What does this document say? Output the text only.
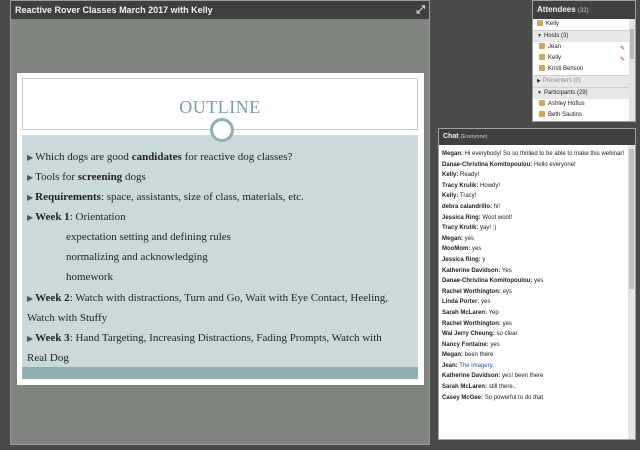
Reactive Rover Classes March 2017 with Kelly	⤢
OUTLINE
▶ Which dogs are good candidates for reactive dog classes?
▶ Tools for screening dogs
▶ Requirements: space, assistants, size of class, materials, etc.
▶ Week 1: Orientation
expectation setting and defining rules
normalizing and acknowledging
homework
▶ Week 2: Watch with distractions, Turn and Go, Wait with Eye Contact, Heeling,
Watch with Stuffy
▶ Week 3: Hand Targeting, Increasing Distractions, Fading Prompts, Watch with
Real Dog
Attendees (32)
Kelly
▼ Hosts (3)
Jean	✎
Kelly	✎
Kristi Benson
▶ Presenters (0)
▼ Participants (29)
Ashley Hofius
Beth Sautins
Chat (Everyone)
Megan: Hi everybody! So so thrilled to be able to make this webinar!
Danae-Christina Komitopoulou: Hello everyone!
Kelly: Ready!
Tracy Krulik: Howdy!
Kelly: Tracy!
debra calandrillo: hi!
Jessica Ring: Woot woot!
Tracy Krulik: yay! :)
Megan: yes
MooMom: yes
Jessica Ring: y
Katherine Davidson: Yes
Danae-Christina Komitopoulou: yes
Rachel Worthington: eys
Linda Porter: yes
Sarah McLaren: Yep
Rachel Worthington: yes
Wai Jerry Cheung: so clear
Nancy Fontaine: yes
Megan: been there
Jean: The imagery.
Katherine Davidson: yes! been there
Sarah McLaren: still there..
Casey McGee: So powerful to do that
